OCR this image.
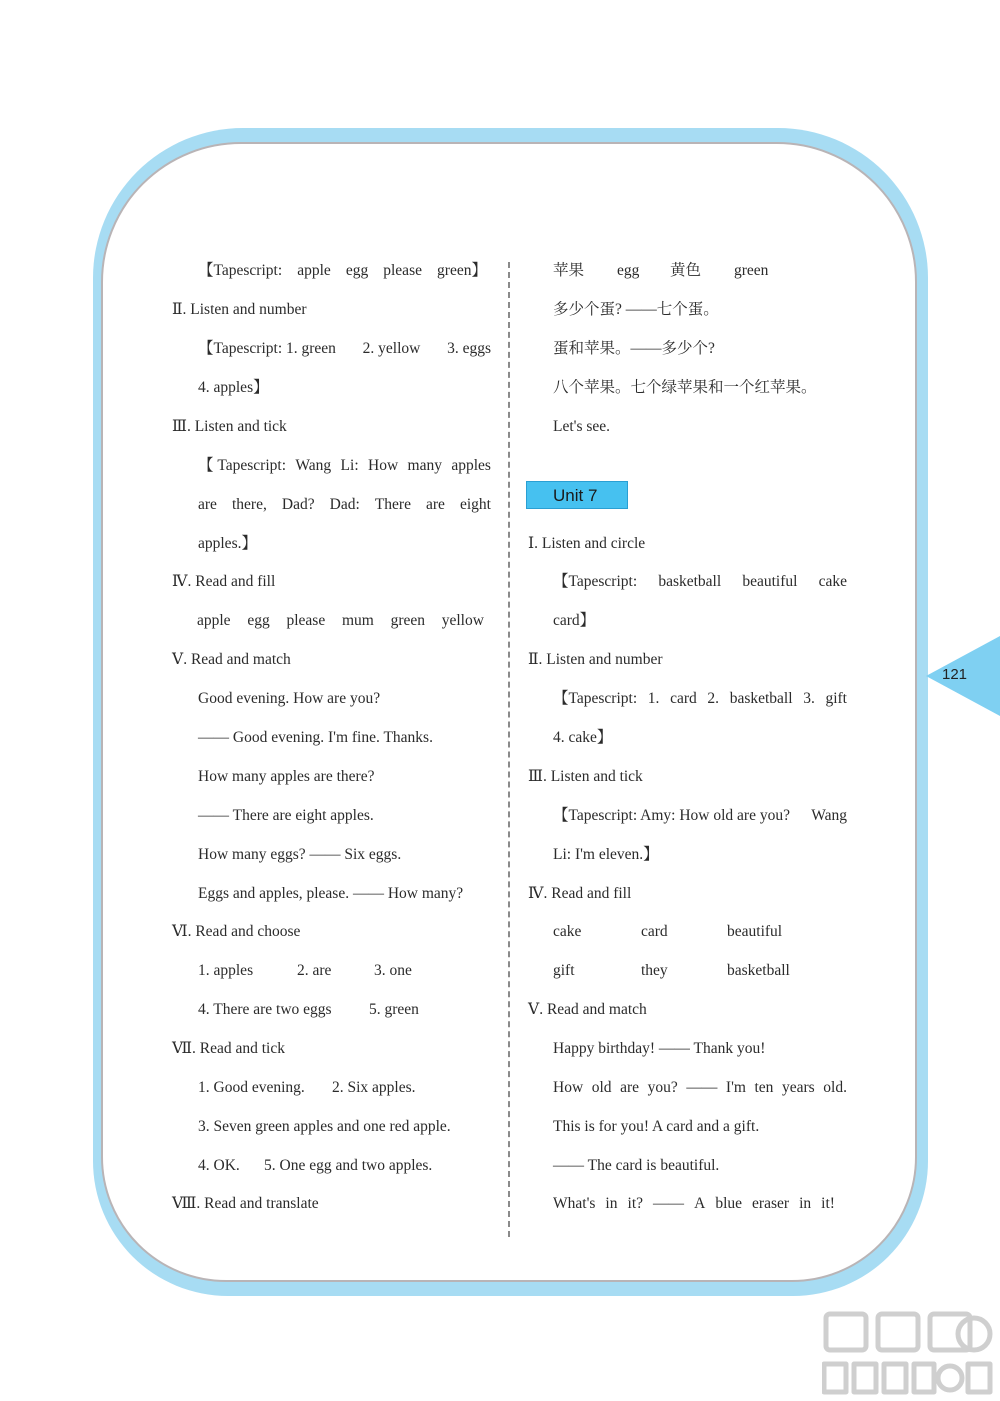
【Tapescript: apple egg please green】
Ⅱ. Listen and number
【Tapescript: 1. green 2. yellow 3. eggs
4. apples】
Ⅲ. Listen and tick
【 Tapescript: Wang Li: How many apples
are there, Dad? Dad: There are eight
apples.】
Ⅳ. Read and fill
apple egg please mum green yellow
Ⅴ. Read and match
Good evening. How are you?
—— Good evening. I'm fine. Thanks.
How many apples are there?
—— There are eight apples.
How many eggs? —— Six eggs.
Eggs and apples, please. —— How many?
Ⅵ. Read and choose
1. apples	2. are	3. one
4. There are two eggs	5. green
Ⅶ. Read and tick
1. Good evening.	2. Six apples.
3. Seven green apples and one red apple.
4. OK.	5. One egg and two apples.
Ⅷ. Read and translate
苹果	egg	黄色	green
多少个蛋? ——七个蛋。
蛋和苹果。——多少个?
八个苹果。七个绿苹果和一个红苹果。
Let's see.
Unit 7
Ⅰ. Listen and circle
【Tapescript: basketball beautiful cake
card】
Ⅱ. Listen and number
【Tapescript: 1. card 2. basketball 3. gift
4. cake】
Ⅲ. Listen and tick
【Tapescript: Amy: How old are you? Wang
Li: I'm eleven.】
Ⅳ. Read and fill
cake	card	beautiful
gift	they	basketball
Ⅴ. Read and match
Happy birthday! —— Thank you!
How old are you? —— I'm ten years old.
This is for you! A card and a gift.
—— The card is beautiful.
What's in it? —— A blue eraser in it!
121
